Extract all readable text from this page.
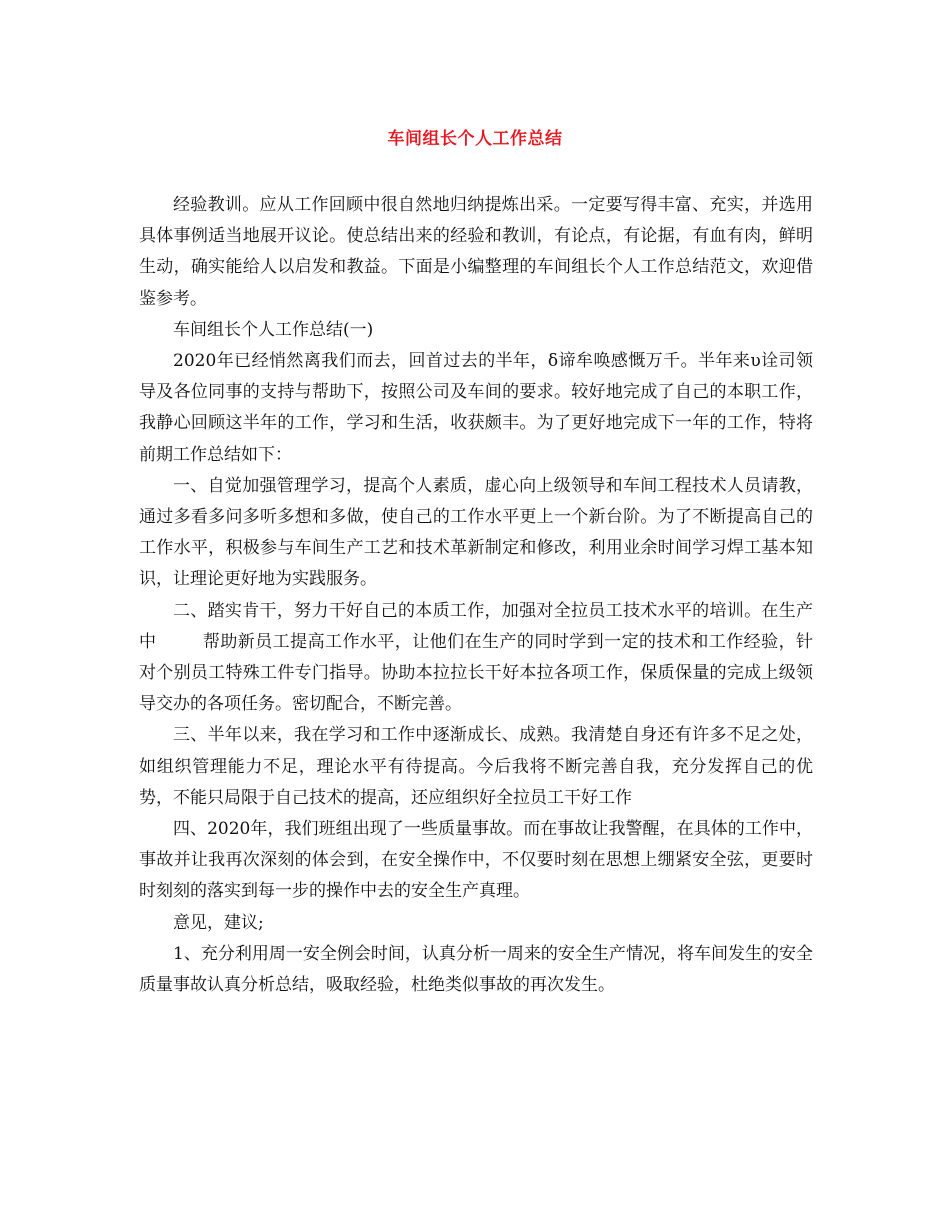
车间组长个人工作总结

经验教训。应从工作回顾中很自然地归纳提炼出采。一定要写得丰富、充实，并选用具体事例适当地展开议论。使总结出来的经验和教训，有论点，有论据，有血有肉，鲜明生动，确实能给人以启发和教益。下面是小编整理的车间组长个人工作总结范文，欢迎借鉴参考。

车间组长个人工作总结(一)

2020年已经悄然离我们而去，回首过去的半年，δ谛牟唤感慨万千。半年来υ诠司领导及各位同事的支持与帮助下，按照公司及车间的要求。较好地完成了自己的本职工作，我静心回顾这半年的工作，学习和生活，收获颇丰。为了更好地完成下一年的工作，特将前期工作总结如下：

一、自觉加强管理学习，提高个人素质，虚心向上级领导和车间工程技术人员请教，通过多看多问多听多想和多做，使自己的工作水平更上一个新台阶。为了不断提高自己的工作水平，积极参与车间生产工艺和技术革新制定和修改，利用业余时间学习焊工基本知识，让理论更好地为实践服务。

二、踏实肯干，努力干好自己的本质工作，加强对全拉员工技术水平的培训。在生产中	帮助新员工提高工作水平，让他们在生产的同时学到一定的技术和工作经验，针对个别员工特殊工件专门指导。协助本拉拉长干好本拉各项工作，保质保量的完成上级领导交办的各项任务。密切配合，不断完善。

三、半年以来，我在学习和工作中逐渐成长、成熟。我清楚自身还有许多不足之处，如组织管理能力不足，理论水平有待提高。今后我将不断完善自我，充分发挥自己的优势，不能只局限于自己技术的提高，还应组织好全拉员工干好工作

四、2020年，我们班组出现了一些质量事故。而在事故让我警醒，在具体的工作中，事故并让我再次深刻的体会到，在安全操作中，不仅要时刻在思想上绷紧安全弦，更要时时刻刻的落实到每一步的操作中去的安全生产真理。

意见，建议;

1、充分利用周一安全例会时间，认真分析一周来的安全生产情况，将车间发生的安全质量事故认真分析总结，吸取经验，杜绝类似事故的再次发生。
